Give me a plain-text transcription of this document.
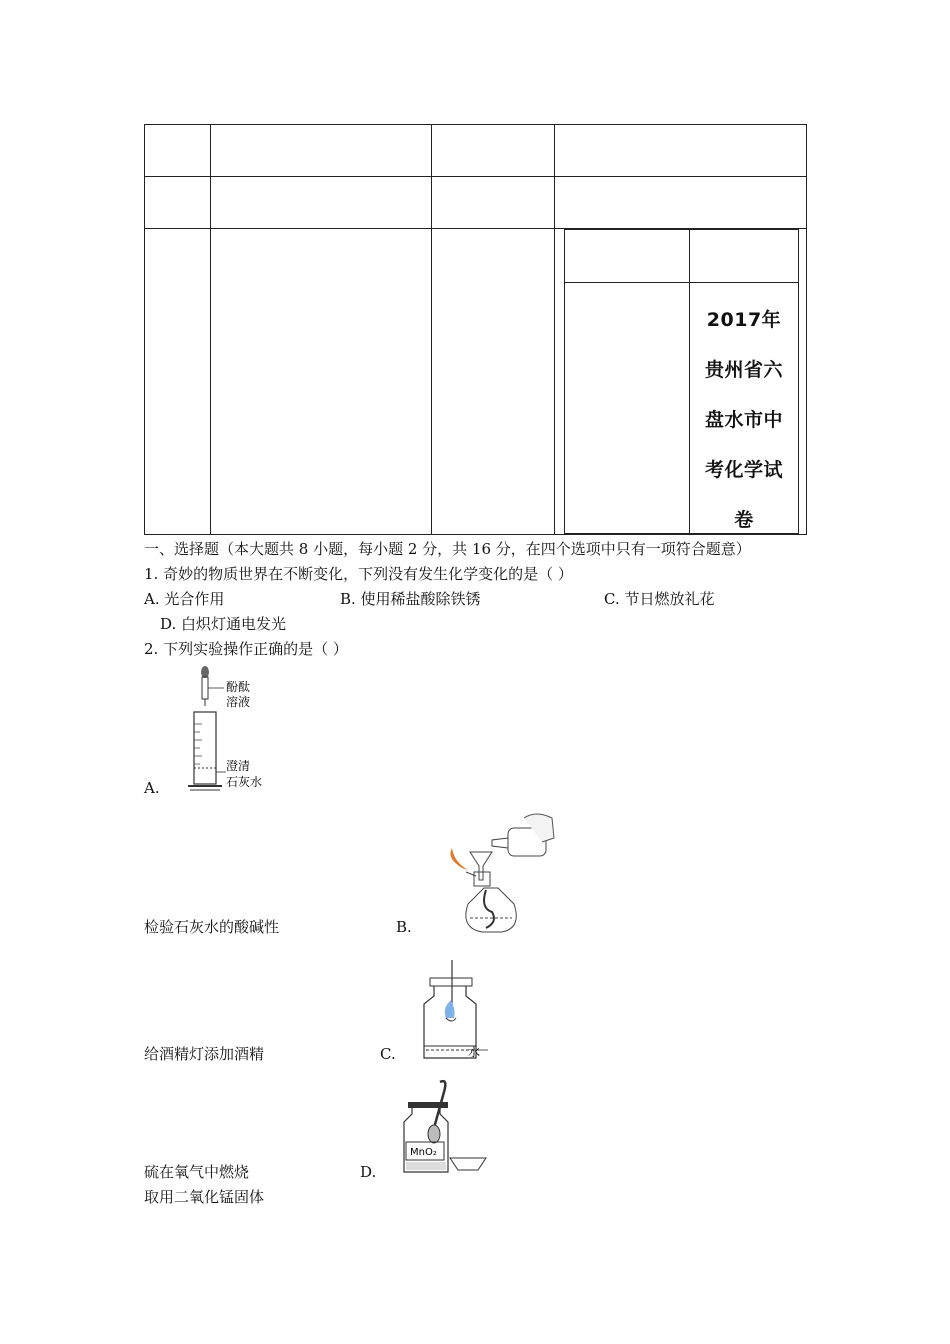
2017年
贵州省六
盘水市中
考化学试
卷
一、选择题（本大题共 8 小题，每小题 2 分，共 16 分，在四个选项中只有一项符合题意）
1. 奇妙的物质世界在不断变化，下列没有发生化学变化的是（ ）
A. 光合作用	B. 使用稀盐酸除铁锈	C. 节日燃放礼花
D. 白炽灯通电发光
2. 下列实验操作正确的是（ ）
酚酞
溶液
澄清
石灰水
A.
检验石灰水的酸碱性	B.
水
给酒精灯添加酒精	C.
MnO₂
硫在氧气中燃烧	D.
取用二氧化锰固体
